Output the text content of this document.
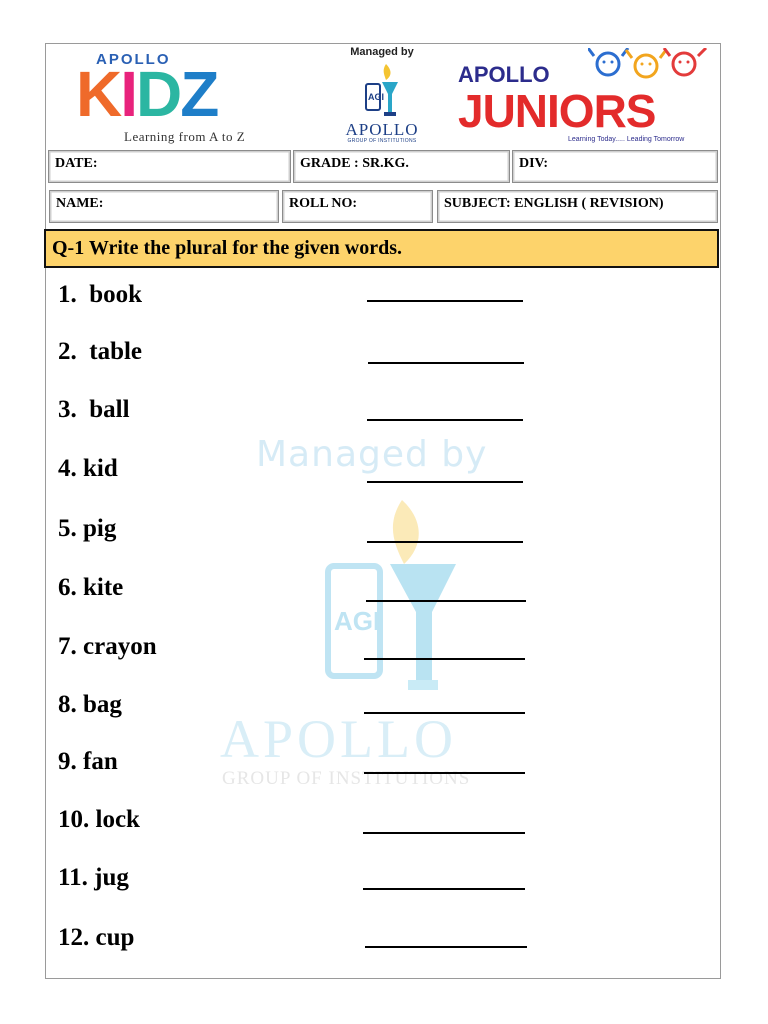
APOLLO
KIDZ
Learning from A to Z
Managed by
AGI
APOLLO
GROUP OF INSTITUTIONS
APOLLO
JUNIORS
Learning Today..... Leading Tomorrow
DATE:	GRADE : SR.KG.	DIV:
NAME:	ROLL NO:	SUBJECT: ENGLISH ( REVISION)
Q-1 Write the plural for the given words.
Managed by
AGI
APOLLO
GROUP OF INSTITUTIONS
1.  book
2.  table
3.  ball
4. kid
5. pig
6. kite
7. crayon
8. bag
9. fan
10. lock
11. jug
12. cup
